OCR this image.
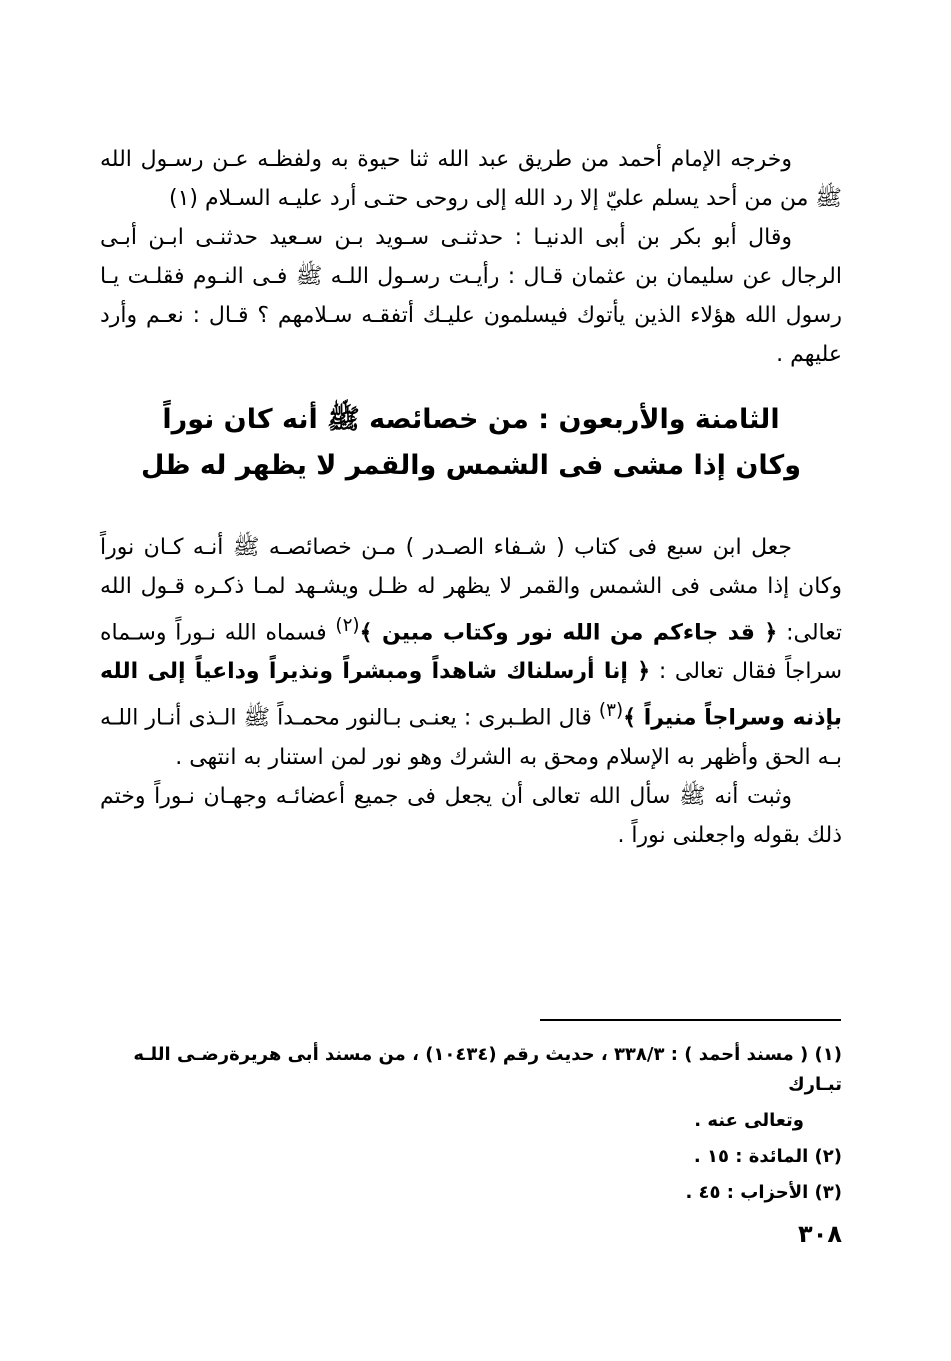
وخرجه الإمام أحمد من طريق عبد الله ثنا حيوة به ولفظـه عـن رسـول الله ﷺ من من أحد يسلم عليّ إلا رد الله إلى روحى حتـى أرد عليـه السـلام (١)

وقال أبو بكر بن أبى الدنيـا : حدثنـى سـويد بـن سـعيد حدثنـى ابـن أبـى الرجال عن سليمان بن عثمان قـال : رأيـت رسـول اللـه ﷺ فـى النـوم فقلـت يـا رسول الله هؤلاء الذين يأتوك فيسلمون عليـك أتفقـه سـلامهم ؟ قـال : نعـم وأرد عليهم .

الثامنة والأربعون : من خصائصه ﷺ أنه كان نوراً
وكان إذا مشى فى الشمس والقمر لا يظهر له ظل

جعل ابن سبع فى كتاب ( شـفاء الصـدر ) مـن خصائصـه ﷺ أنـه كـان نوراً وكان إذا مشى فى الشمس والقمر لا يظهر له ظـل ويشـهد لمـا ذكـره قـول الله تعالى: ﴿ قد جاءكم من الله نور وكتاب مبين ﴾$^{(٢)}$ فسماه الله نـوراً وسـماه سراجاً فقال تعالى : ﴿ إنا أرسلناك شاهداً ومبشراً ونذيراً وداعياً إلى الله بإذنه وسراجاً منيراً ﴾$^{(٣)}$ قال الطـبرى : يعنـى بـالنور محمـداً ﷺ الـذى أنـار اللـه بـه الحق وأظهر به الإسلام ومحق به الشرك وهو نور لمن استنار به انتهى .

وثبت أنه ﷺ سأل الله تعالى أن يجعل فى جميع أعضائـه وجهـان نـوراً وختم ذلك بقوله واجعلنى نوراً .

(١) ( مسند أحمد ) : ٣٣٨/٣ ، حديث رقم (١٠٤٣٤) ، من مسند أبى هريرةرضـى اللـه تبـارك

وتعالى عنه .

(٢) المائدة : ١٥ .

(٣) الأحزاب : ٤٥ .

٣٠٨
